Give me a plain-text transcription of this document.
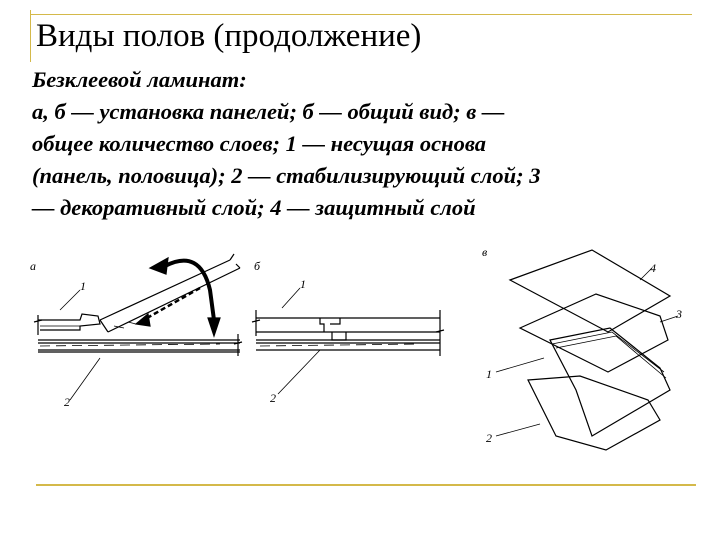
Виды полов (продолжение)
Безклеевой ламинат:
а, б — установка панелей; б — общий вид; в —
общее количество слоев; 1 — несущая основа
(панель, половица); 2 — стабилизирующий слой; 3
— декоративный слой; 4 — защитный слой
а
1
2
б
1
2
в
4
3
1
2
